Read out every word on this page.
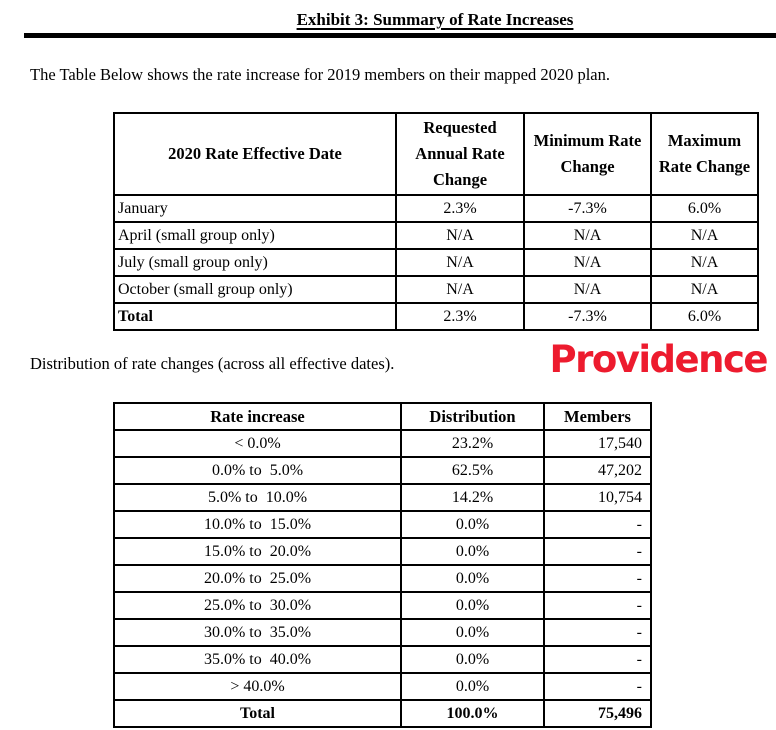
Exhibit 3: Summary of Rate Increases
The Table Below shows the rate increase for 2019 members on their mapped 2020 plan.
2020 Rate Effective Date	Requested Annual Rate Change	Minimum Rate Change	Maximum Rate Change
January	2.3%	-7.3%	6.0%
April (small group only)	N/A	N/A	N/A
July (small group only)	N/A	N/A	N/A
October (small group only)	N/A	N/A	N/A
Total	2.3%	-7.3%	6.0%
Distribution of rate changes (across all effective dates).	Providence
Rate increase	Distribution	Members
< 0.0%	23.2%	17,540
0.0% to  5.0%	62.5%	47,202
5.0% to  10.0%	14.2%	10,754
10.0% to  15.0%	0.0%	-
15.0% to  20.0%	0.0%	-
20.0% to  25.0%	0.0%	-
25.0% to  30.0%	0.0%	-
30.0% to  35.0%	0.0%	-
35.0% to  40.0%	0.0%	-
> 40.0%	0.0%	-
Total	100.0%	75,496
